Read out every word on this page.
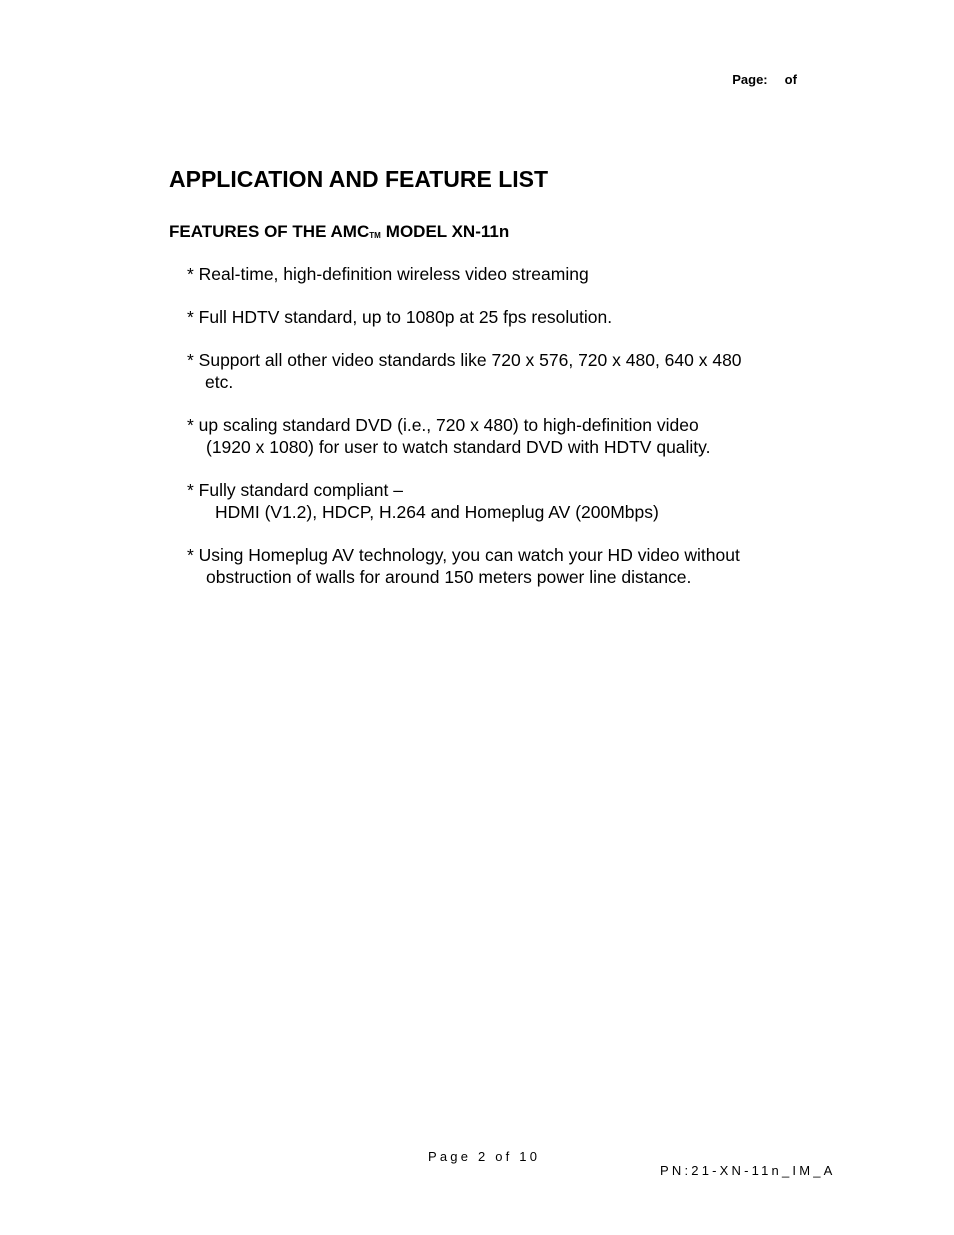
Page: of

APPLICATION AND FEATURE LIST
FEATURES OF THE AMCTM MODEL XN-11n
* Real-time, high-definition wireless video streaming
* Full HDTV standard, up to 1080p at 25 fps resolution.
* Support all other video standards like 720 x 576, 720 x 480, 640 x 480
etc.
* up scaling standard DVD (i.e., 720 x 480) to high-definition video
(1920 x 1080) for user to watch standard DVD with HDTV quality.
* Fully standard compliant –
HDMI (V1.2), HDCP, H.264 and Homeplug AV (200Mbps)
* Using Homeplug AV technology, you can watch your HD video without
obstruction of walls for around 150 meters power line distance.
Page 2 of 10
PN:21-XN-11n_IM_A
